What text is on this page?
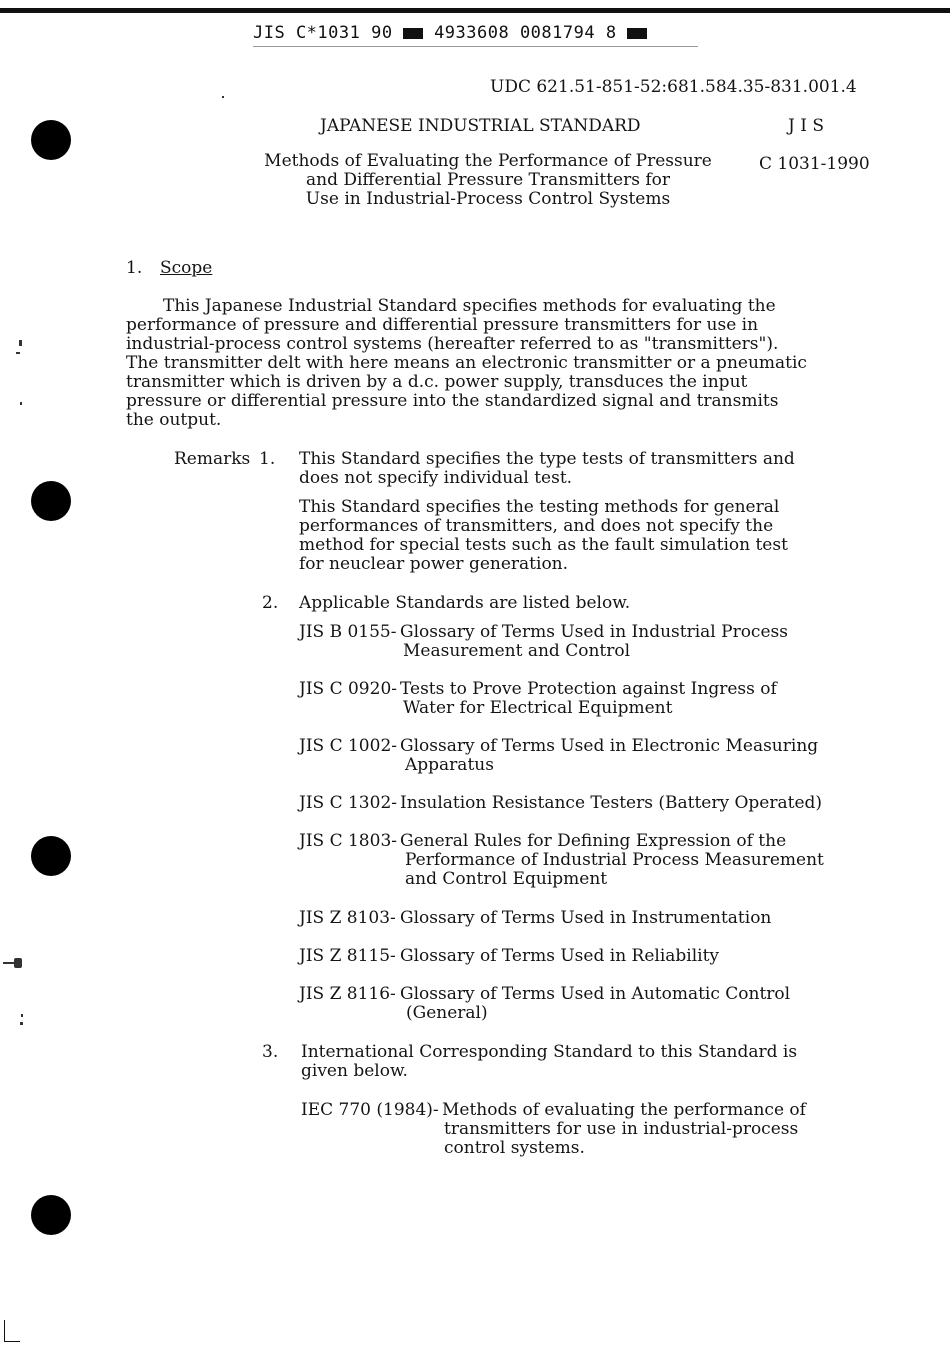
JIS C*1031 90 4933608 0081794 8
UDC 621.51-851-52:681.584.35-831.001.4
JAPANESE INDUSTRIAL STANDARD	J I S
C 1031-1990
Methods of Evaluating the Performance of Pressure
and Differential Pressure Transmitters for
Use in Industrial-Process Control Systems
1. Scope
This Japanese Industrial Standard specifies methods for evaluating the
performance of pressure and differential pressure transmitters for use in
industrial-process control systems (hereafter referred to as "transmitters").
The transmitter delt with here means an electronic transmitter or a pneumatic
transmitter which is driven by a d.c. power supply, transduces the input
pressure or differential pressure into the standardized signal and transmits
the output.
Remarks 1. This Standard specifies the type tests of transmitters and
does not specify individual test.
This Standard specifies the testing methods for general
performances of transmitters, and does not specify the
method for special tests such as the fault simulation test
for neuclear power generation.
2. Applicable Standards are listed below.
JIS B 0155- Glossary of Terms Used in Industrial Process
Measurement and Control
JIS C 0920- Tests to Prove Protection against Ingress of
Water for Electrical Equipment
JIS C 1002- Glossary of Terms Used in Electronic Measuring
Apparatus
JIS C 1302- Insulation Resistance Testers (Battery Operated)
JIS C 1803- General Rules for Defining Expression of the
Performance of Industrial Process Measurement
and Control Equipment
JIS Z 8103- Glossary of Terms Used in Instrumentation
JIS Z 8115- Glossary of Terms Used in Reliability
JIS Z 8116- Glossary of Terms Used in Automatic Control
(General)
3. International Corresponding Standard to this Standard is
given below.
IEC 770 (1984)- Methods of evaluating the performance of
transmitters for use in industrial-process
control systems.
